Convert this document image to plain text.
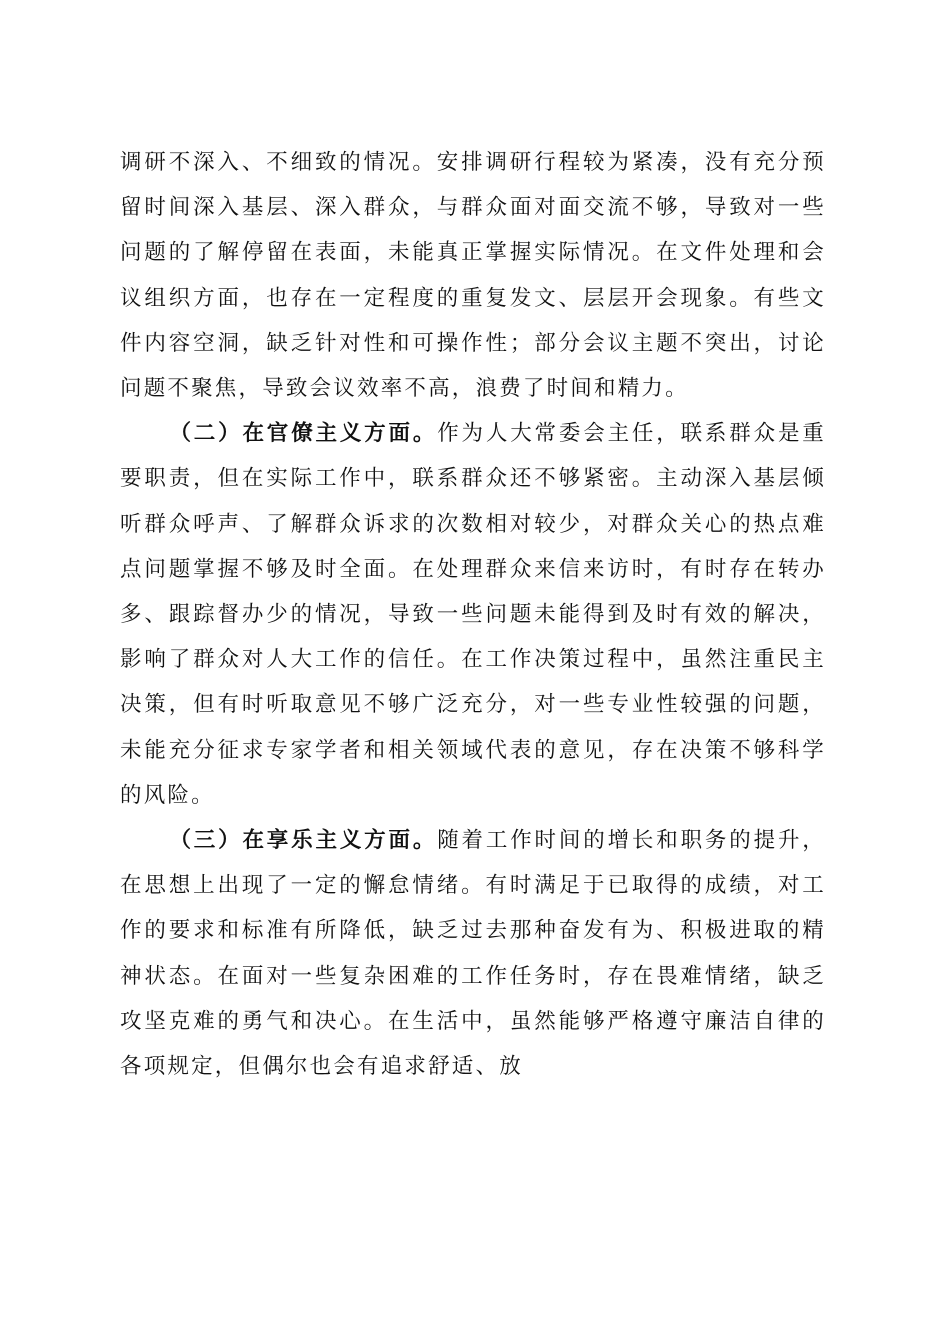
调研不深入、不细致的情况。安排调研行程较为紧凑，没有充分预留时间深入基层、深入群众，与群众面对面交流不够，导致对一些问题的了解停留在表面，未能真正掌握实际情况。在文件处理和会议组织方面，也存在一定程度的重复发文、层层开会现象。有些文件内容空洞，缺乏针对性和可操作性；部分会议主题不突出，讨论问题不聚焦，导致会议效率不高，浪费了时间和精力。

（二）在官僚主义方面。作为人大常委会主任，联系群众是重要职责，但在实际工作中，联系群众还不够紧密。主动深入基层倾听群众呼声、了解群众诉求的次数相对较少，对群众关心的热点难点问题掌握不够及时全面。在处理群众来信来访时，有时存在转办多、跟踪督办少的情况，导致一些问题未能得到及时有效的解决，影响了群众对人大工作的信任。在工作决策过程中，虽然注重民主决策，但有时听取意见不够广泛充分，对一些专业性较强的问题，未能充分征求专家学者和相关领域代表的意见，存在决策不够科学的风险。

（三）在享乐主义方面。随着工作时间的增长和职务的提升，在思想上出现了一定的懈怠情绪。有时满足于已取得的成绩，对工作的要求和标准有所降低，缺乏过去那种奋发有为、积极进取的精神状态。在面对一些复杂困难的工作任务时，存在畏难情绪，缺乏攻坚克难的勇气和决心。在生活中，虽然能够严格遵守廉洁自律的各项规定，但偶尔也会有追求舒适、放
